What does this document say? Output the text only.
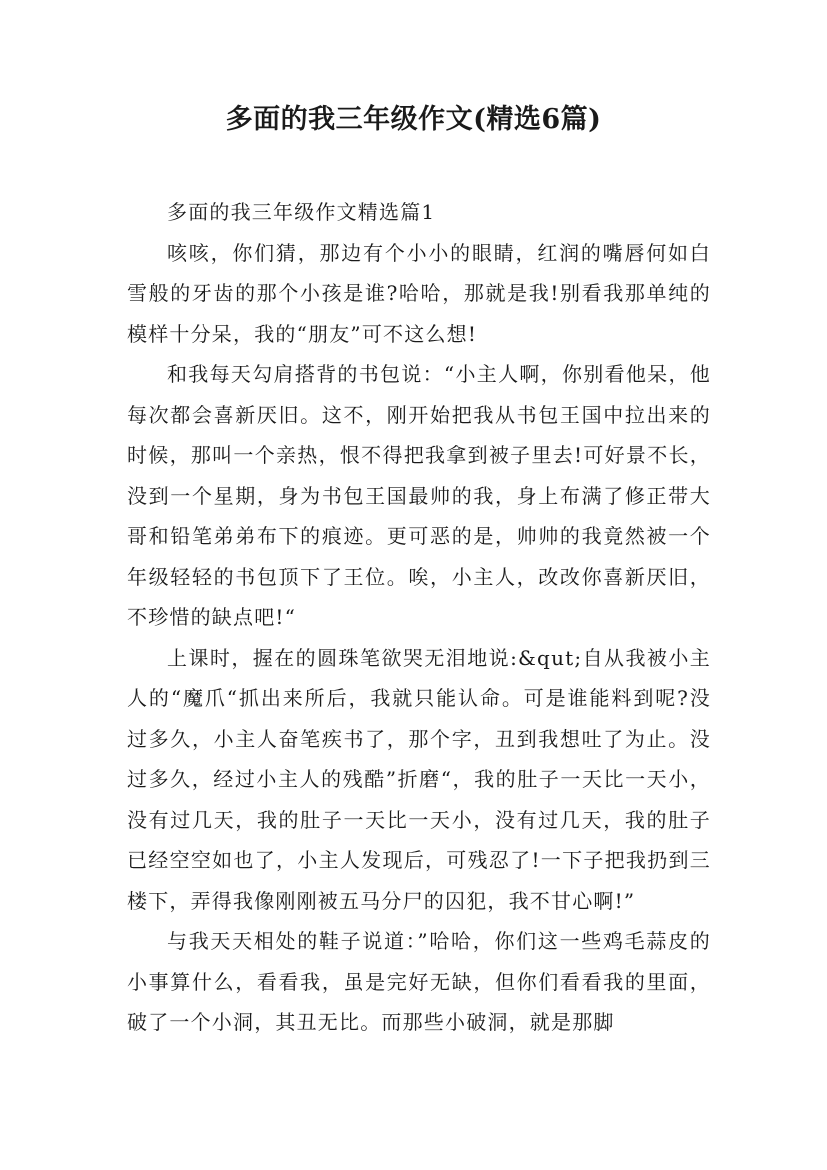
多面的我三年级作文(精选6篇)

多面的我三年级作文精选篇1

咳咳，你们猜，那边有个小小的眼睛，红润的嘴唇何如白雪般的牙齿的那个小孩是谁?哈哈，那就是我!别看我那单纯的模样十分呆，我的“朋友”可不这么想!

和我每天勾肩搭背的书包说：“小主人啊，你别看他呆，他每次都会喜新厌旧。这不，刚开始把我从书包王国中拉出来的时候，那叫一个亲热，恨不得把我拿到被子里去!可好景不长，没到一个星期，身为书包王国最帅的我，身上布满了修正带大哥和铅笔弟弟布下的痕迹。更可恶的是，帅帅的我竟然被一个年级轻轻的书包顶下了王位。唉，小主人，改改你喜新厌旧，不珍惜的缺点吧!“

上课时，握在的圆珠笔欲哭无泪地说:&qut;自从我被小主人的“魔爪“抓出来所后，我就只能认命。可是谁能料到呢?没过多久，小主人奋笔疾书了，那个字，丑到我想吐了为止。没过多久，经过小主人的残酷”折磨“，我的肚子一天比一天小，没有过几天，我的肚子一天比一天小，没有过几天，我的肚子已经空空如也了，小主人发现后，可残忍了!一下子把我扔到三楼下，弄得我像刚刚被五马分尸的囚犯，我不甘心啊!”

与我天天相处的鞋子说道：”哈哈，你们这一些鸡毛蒜皮的小事算什么，看看我，虽是完好无缺，但你们看看我的里面，破了一个小洞，其丑无比。而那些小破洞，就是那脚
